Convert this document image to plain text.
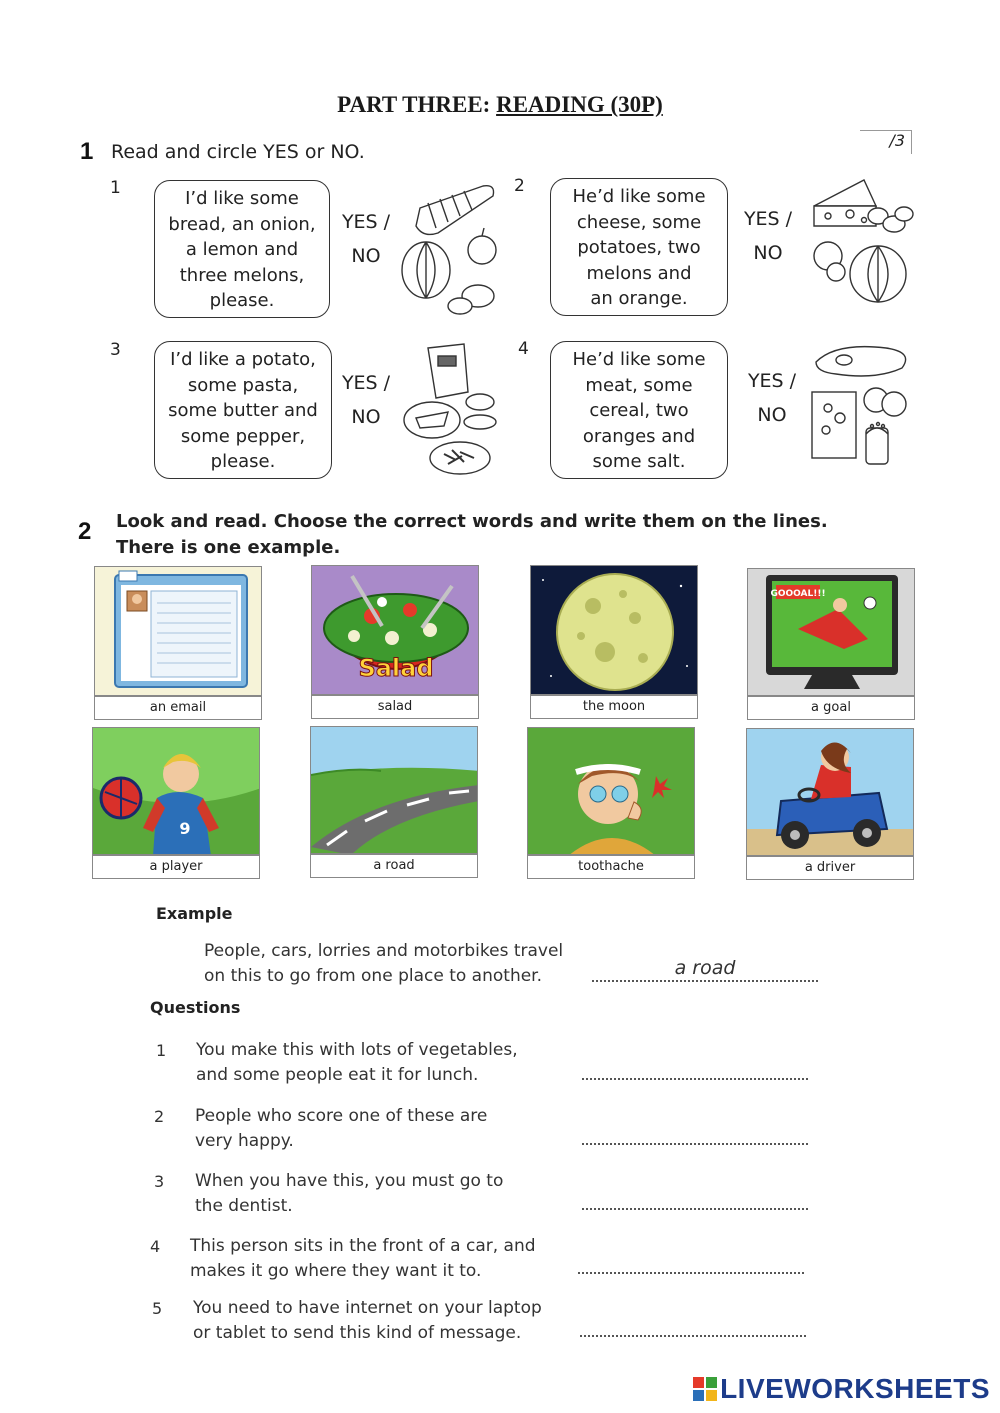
PART THREE: READING (30P)
1 Read and circle YES or NO.
/3
1	I’d like some
bread, an onion,
a lemon and
three melons,
please.
YES /
NO
2	He’d like some
cheese, some
potatoes, two
melons and
an orange.
YES /
NO
3	I’d like a potato,
some pasta,
some butter and
some pepper,
please.
YES /
NO
4	He’d like some
meat, some
cereal, two
oranges and
some salt.
YES /
NO
2 Look and read. Choose the correct words and write them on the lines.
There is one example.
an email
Salad
salad	the moon
GOOOAL!!!
a goal
9
a player	a road	toothache	a driver
Example
People, cars, lorries and motorbikes travel
on this to go from one place to another.	a road
Questions
1 You make this with lots of vegetables,
and some people eat it for lunch.
2 People who score one of these are
very happy.
3 When you have this, you must go to
the dentist.
4 This person sits in the front of a car, and
makes it go where they want it to.
5 You need to have internet on your laptop
or tablet to send this kind of message.
LIVEWORKSHEETS
